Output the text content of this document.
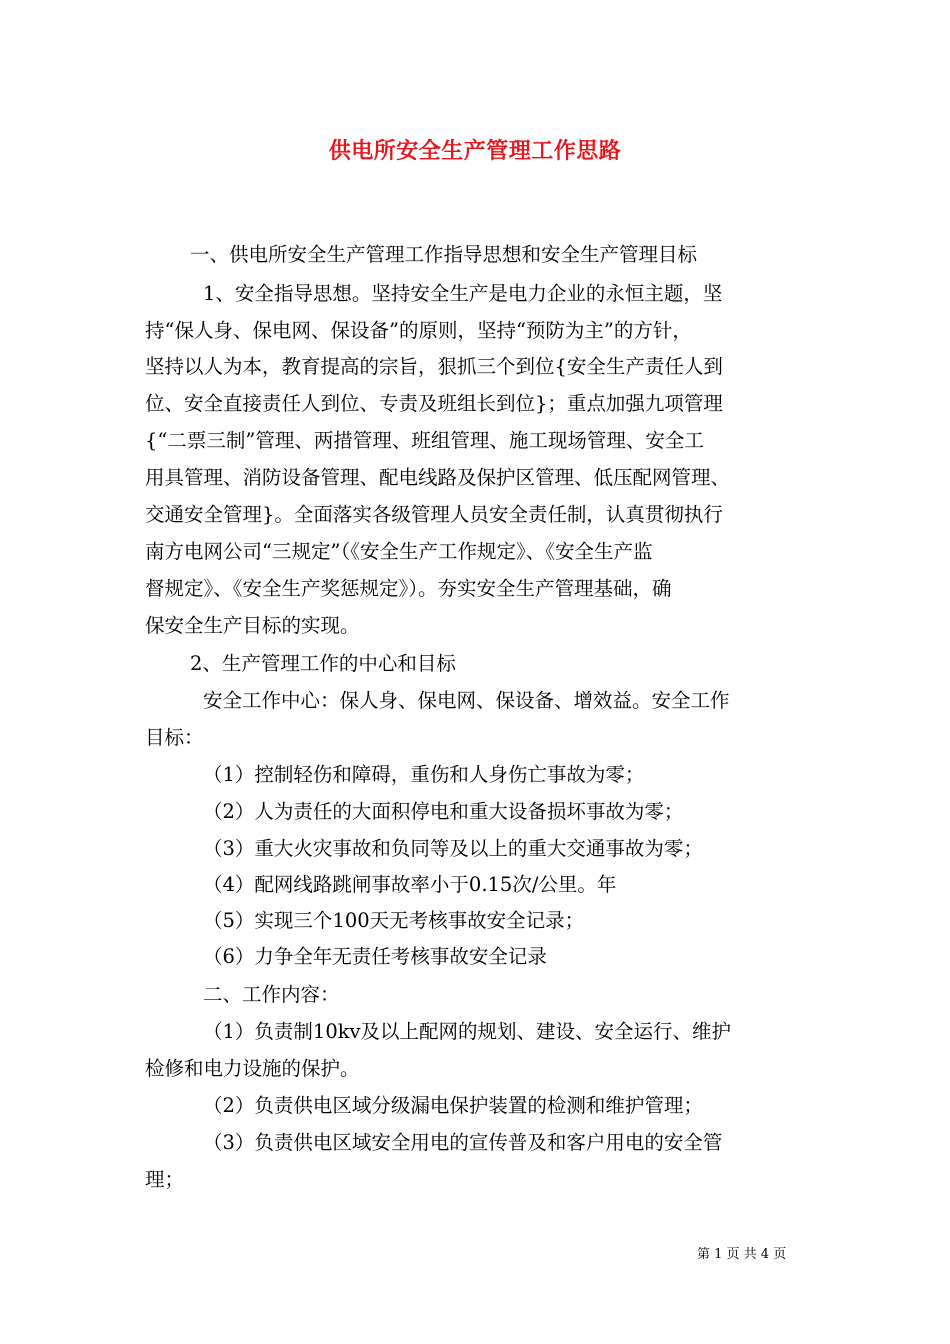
供电所安全生产管理工作思路
一、供电所安全生产管理工作指导思想和安全生产管理目标
1、安全指导思想。坚持安全生产是电力企业的永恒主题，坚
持“保人身、保电网、保设备”的原则，坚持“预防为主”的方针，
坚持以人为本，教育提高的宗旨，狠抓三个到位{安全生产责任人到
位、安全直接责任人到位、专责及班组长到位}；重点加强九项管理
{“二票三制”管理、两措管理、班组管理、施工现场管理、安全工
用具管理、消防设备管理、配电线路及保护区管理、低压配网管理、
交通安全管理}。全面落实各级管理人员安全责任制，认真贯彻执行
南方电网公司“三规定”（《安全生产工作规定》、《安全生产监
督规定》、《安全生产奖惩规定》）。夯实安全生产管理基础，确
保安全生产目标的实现。
2、生产管理工作的中心和目标
安全工作中心：保人身、保电网、保设备、增效益。安全工作
目标：
（1）控制轻伤和障碍，重伤和人身伤亡事故为零；
（2）人为责任的大面积停电和重大设备损坏事故为零；
（3）重大火灾事故和负同等及以上的重大交通事故为零；
（4）配网线路跳闸事故率小于0.15次/公里。年
（5）实现三个100天无考核事故安全记录；
（6）力争全年无责任考核事故安全记录
二、工作内容：
（1）负责制10kv及以上配网的规划、建设、安全运行、维护
检修和电力设施的保护。
（2）负责供电区域分级漏电保护装置的检测和维护管理；
（3）负责供电区域安全用电的宣传普及和客户用电的安全管
理；
第 1 页 共 4 页
